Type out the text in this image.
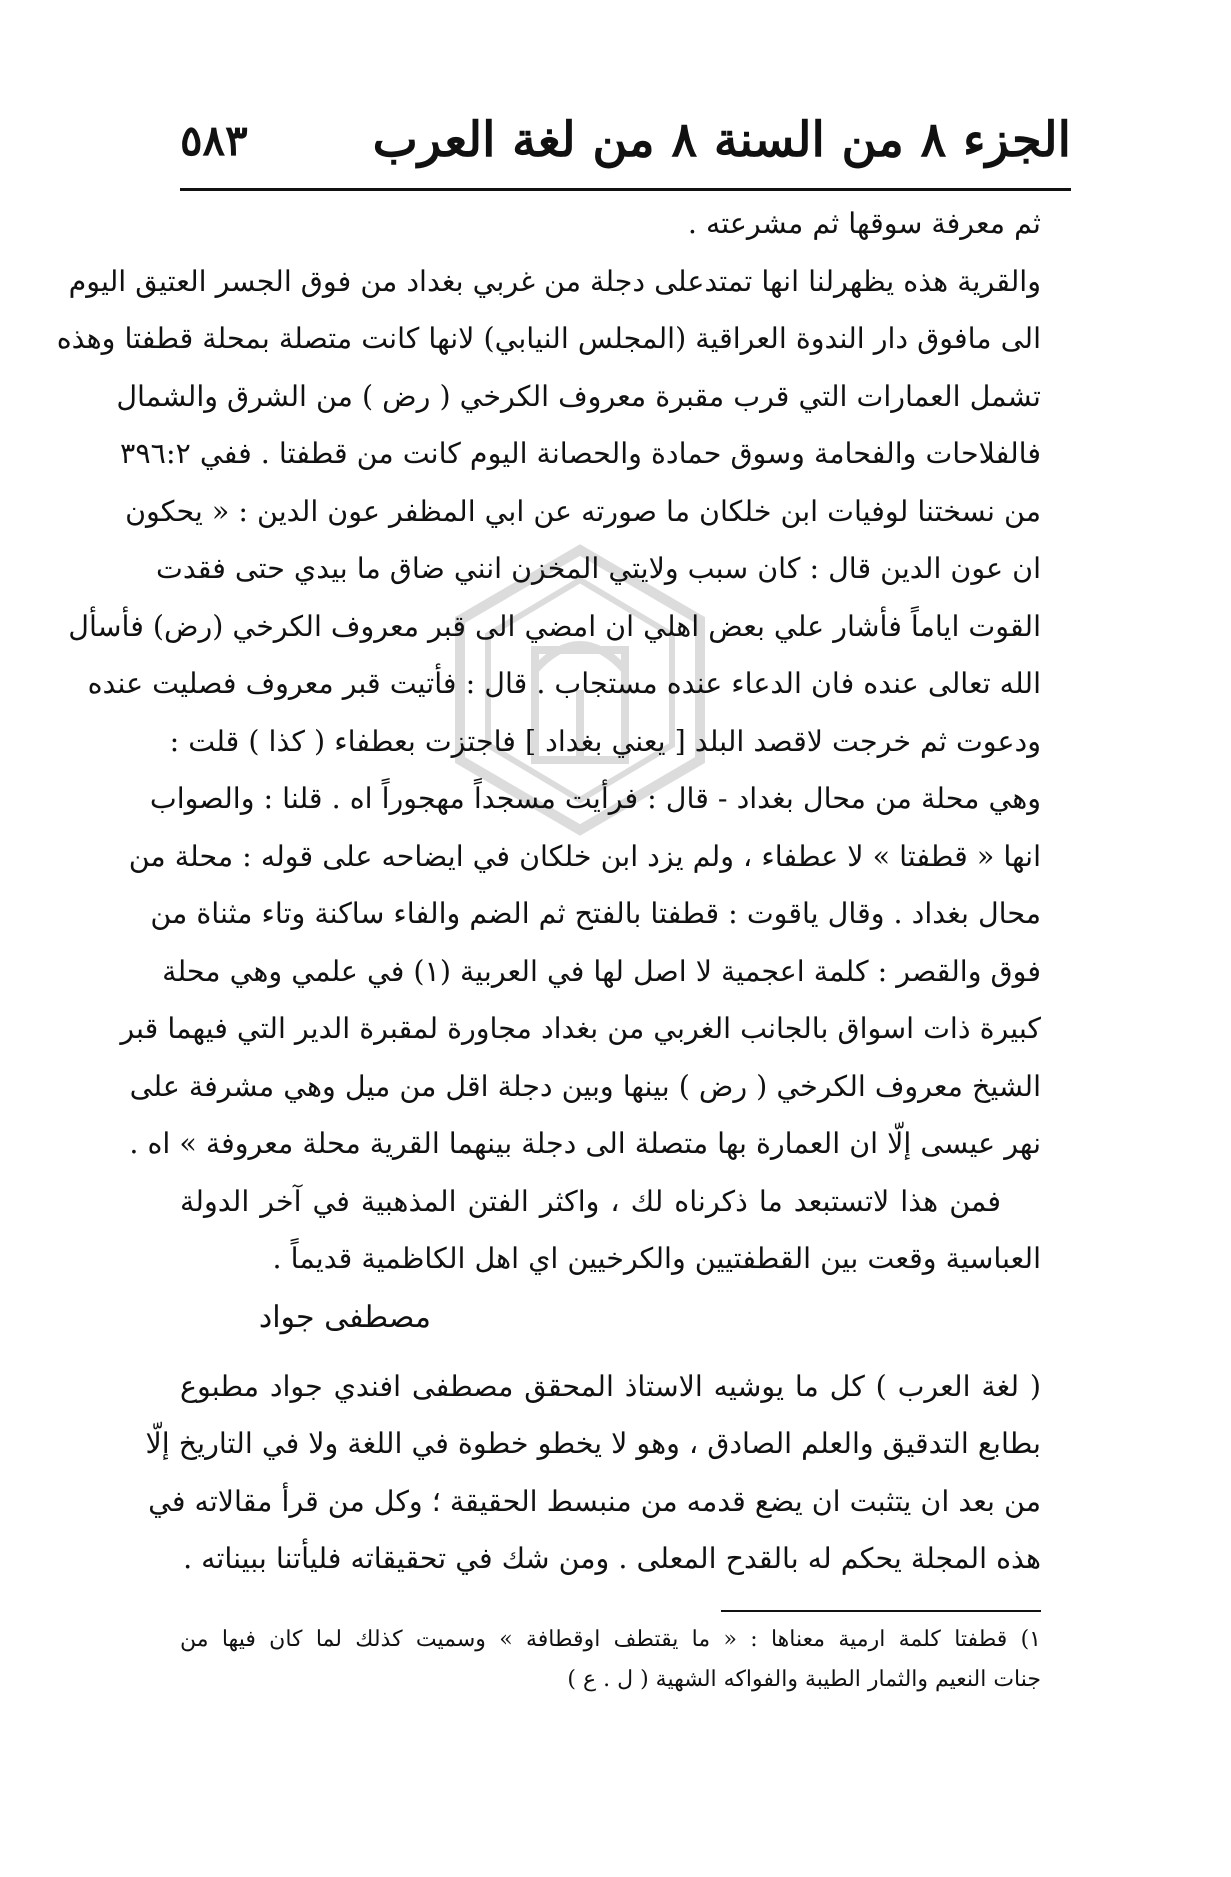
الجزء ٨ من السنة ٨ من لغة العرب
٥٨٣
ثم معرفة سوقها ثم مشرعته .
والقرية هذه يظهرلنا انها تمتدعلى دجلة من غربي بغداد من فوق الجسر العتيق اليوم
الى مافوق دار الندوة العراقية (المجلس النيابي) لانها كانت متصلة بمحلة قطفتا وهذه
تشمل العمارات التي قرب مقبرة معروف الكرخي ( رض ) من الشرق والشمال
فالفلاحات والفحامة وسوق حمادة والحصانة اليوم كانت من قطفتا . ففي ٣٩٦:٢
من نسختنا لوفيات ابن خلكان ما صورته عن ابي المظفر عون الدين : « يحكون
ان عون الدين قال : كان سبب ولايتي المخزن انني ضاق ما بيدي حتى فقدت
القوت اياماً فأشار علي بعض اهلي ان امضي الى قبر معروف الكرخي (رض) فأسأل
الله تعالى عنده فان الدعاء عنده مستجاب . قال : فأتيت قبر معروف فصليت عنده
ودعوت ثم خرجت لاقصد البلد [ يعني بغداد ] فاجتزت بعطفاء ( كذا ) قلت :
وهي محلة من محال بغداد - قال : فرأيت مسجداً مهجوراً اه . قلنا : والصواب
انها « قطفتا » لا عطفاء ، ولم يزد ابن خلكان في ايضاحه على قوله : محلة من
محال بغداد . وقال ياقوت : قطفتا بالفتح ثم الضم والفاء ساكنة وتاء مثناة من
فوق والقصر : كلمة اعجمية لا اصل لها في العربية (١) في علمي وهي محلة
كبيرة ذات اسواق بالجانب الغربي من بغداد مجاورة لمقبرة الدير التي فيهما قبر
الشيخ معروف الكرخي ( رض ) بينها وبين دجلة اقل من ميل وهي مشرفة على
نهر عيسى إلّا ان العمارة بها متصلة الى دجلة بينهما القرية محلة معروفة » اه .
فمن هذا لاتستبعد ما ذكرناه لك ، واكثر الفتن المذهبية في آخر الدولة
العباسية وقعت بين القطفتيين والكرخيين اي اهل الكاظمية قديماً .
مصطفى جواد
( لغة العرب ) كل ما يوشيه الاستاذ المحقق مصطفى افندي جواد مطبوع
بطابع التدقيق والعلم الصادق ، وهو لا يخطو خطوة في اللغة ولا في التاريخ إلّا
من بعد ان يتثبت ان يضع قدمه من منبسط الحقيقة ؛ وكل من قرأ مقالاته في
هذه المجلة يحكم له بالقدح المعلى . ومن شك في تحقيقاته فليأتنا ببيناته .
١) قطفتا كلمة ارمية معناها : « ما يقتطف اوقطافة » وسميت كذلك لما كان فيها من
جنات النعيم والثمار الطيبة والفواكه الشهية ( ل . ع )
